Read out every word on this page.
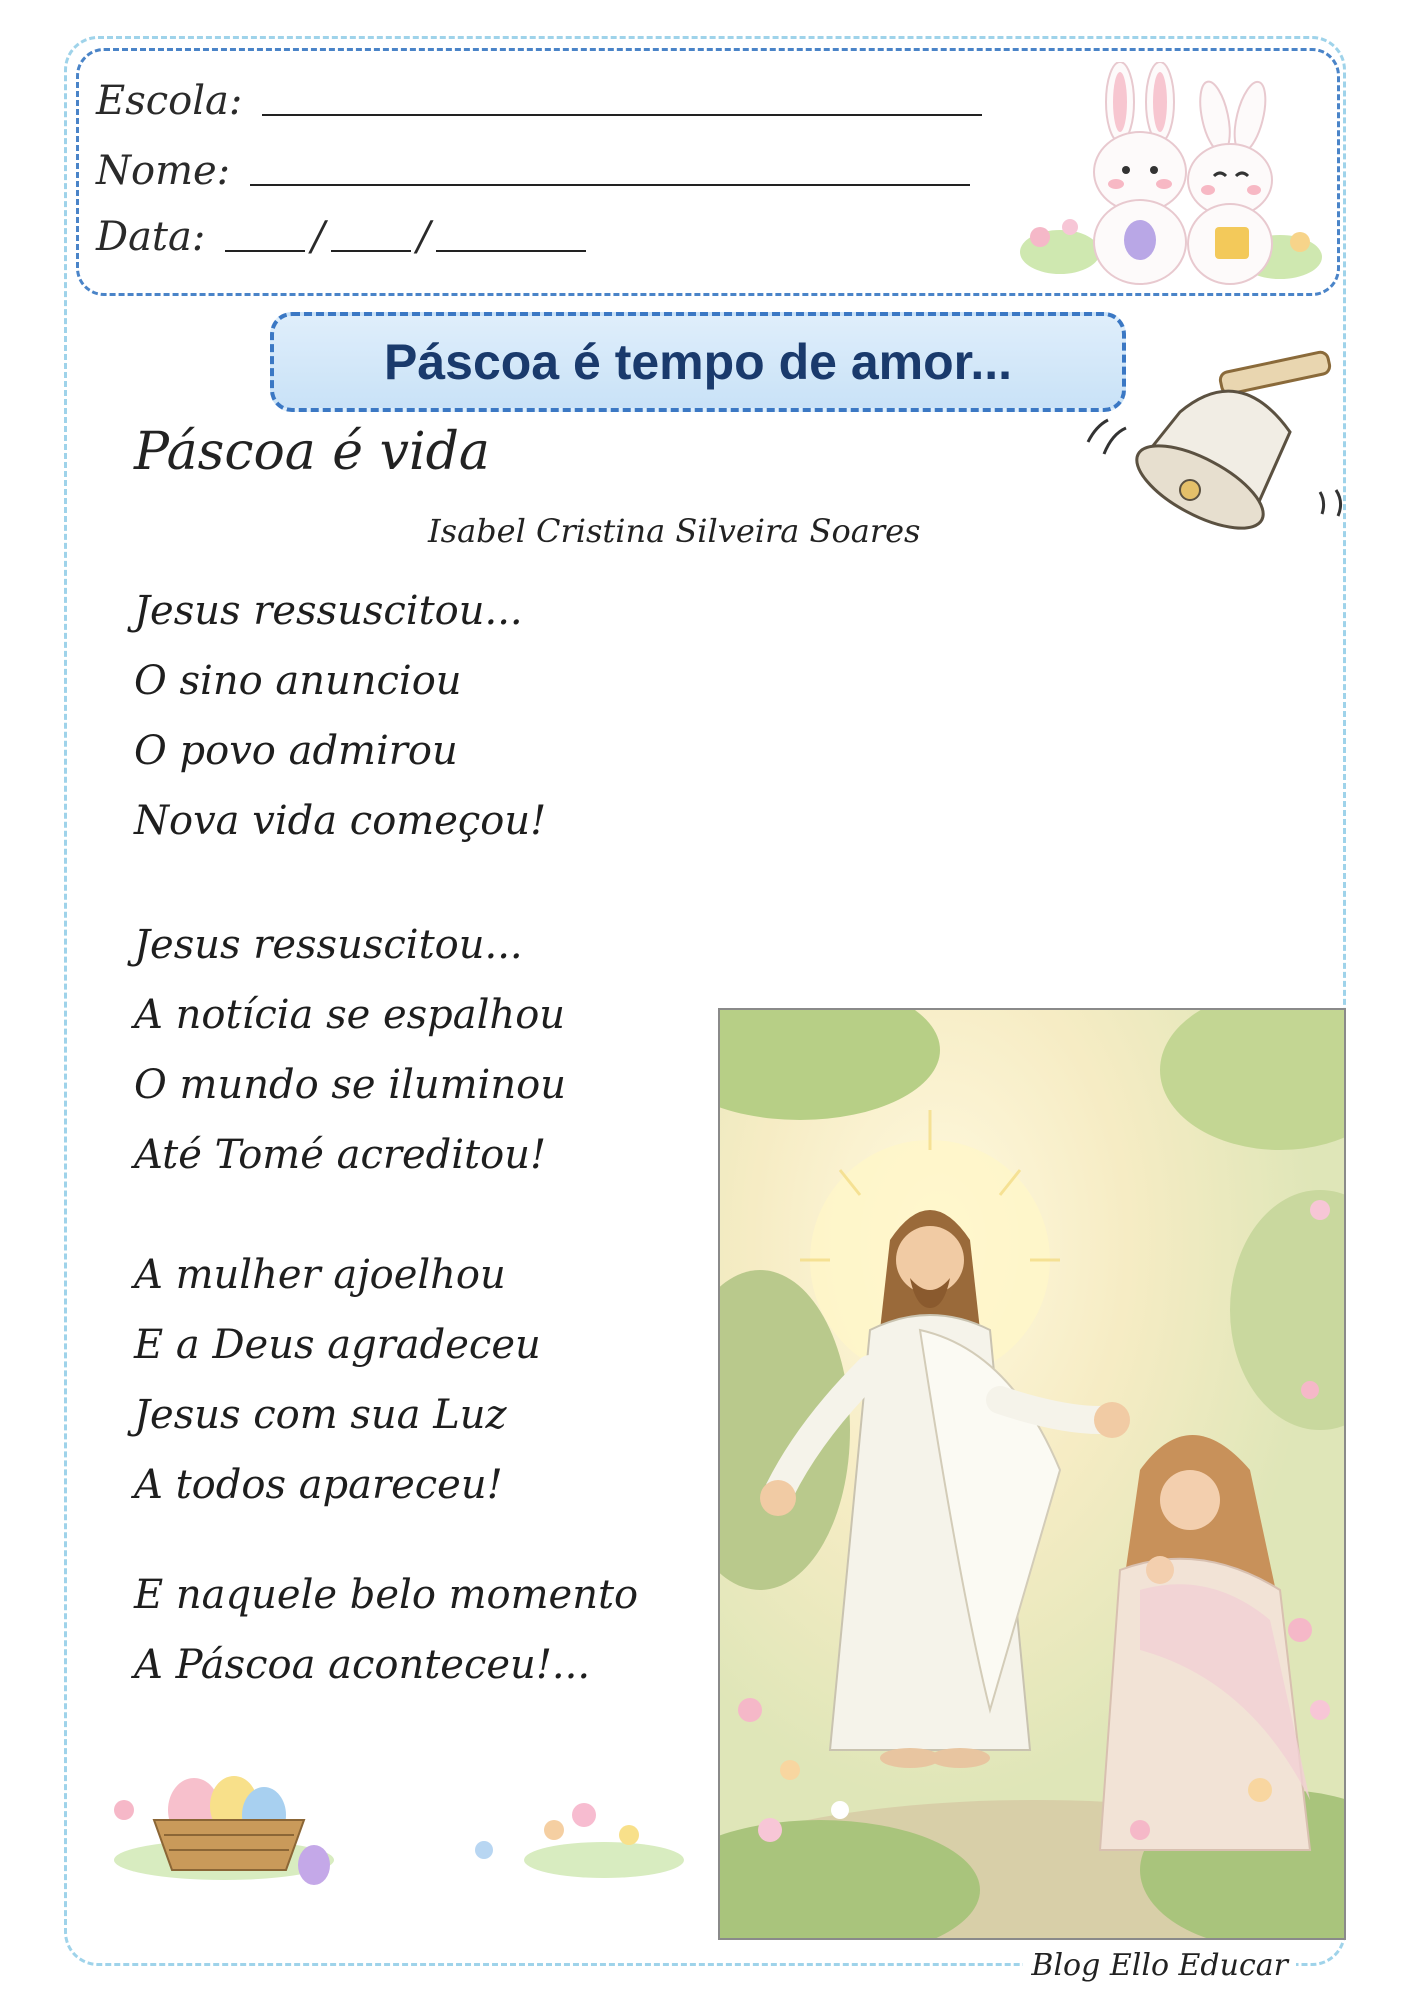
Escola:
Nome:
Data:	/ /
Páscoa é tempo de amor...
Páscoa é vida
Isabel Cristina Silveira Soares
Jesus ressuscitou...
O sino anunciou
O povo admirou
Nova vida começou!
Jesus ressuscitou...
A notícia se espalhou
O mundo se iluminou
Até Tomé acreditou!
A mulher ajoelhou
E a Deus agradeceu
Jesus com sua Luz
A todos apareceu!
E naquele belo momento
A Páscoa aconteceu!...
Blog Ello Educar
